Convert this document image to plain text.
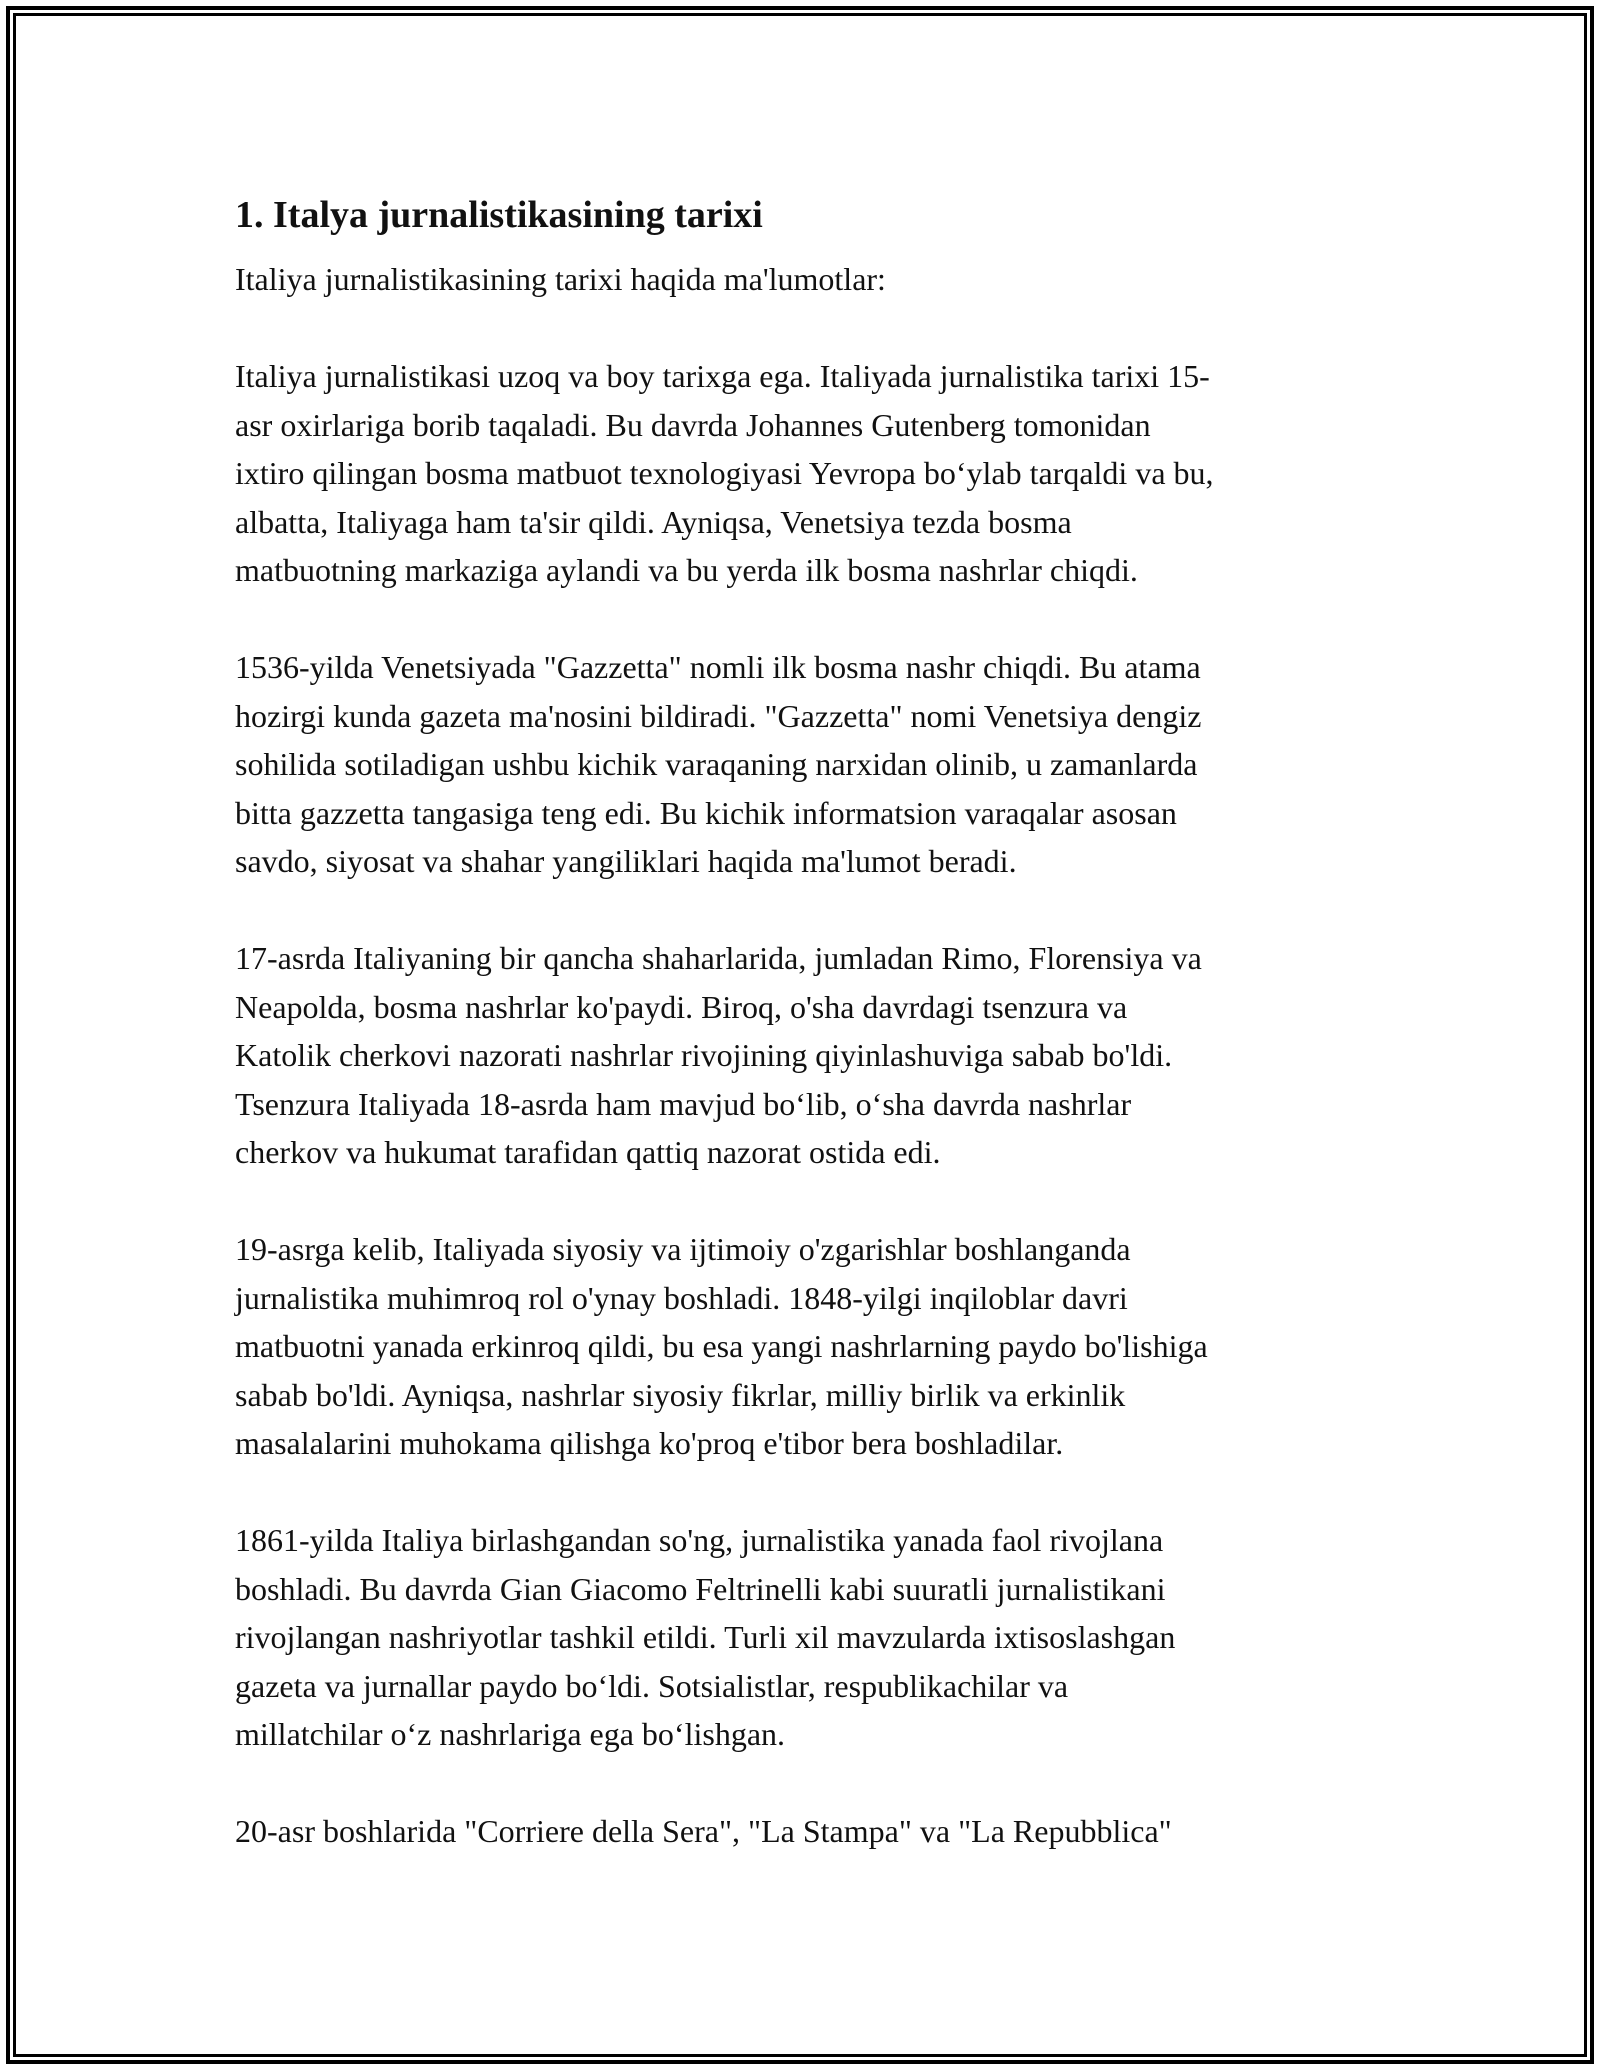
1. Italya jurnalistikasining tarixi

Italiya jurnalistikasining tarixi haqida ma'lumotlar:

Italiya jurnalistikasi uzoq va boy tarixga ega. Italiyada jurnalistika tarixi 15-
asr oxirlariga borib taqaladi. Bu davrda Johannes Gutenberg tomonidan
ixtiro qilingan bosma matbuot texnologiyasi Yevropa bo‘ylab tarqaldi va bu,
albatta, Italiyaga ham ta'sir qildi. Ayniqsa, Venetsiya tezda bosma
matbuotning markaziga aylandi va bu yerda ilk bosma nashrlar chiqdi.

1536-yilda Venetsiyada "Gazzetta" nomli ilk bosma nashr chiqdi. Bu atama
hozirgi kunda gazeta ma'nosini bildiradi. "Gazzetta" nomi Venetsiya dengiz
sohilida sotiladigan ushbu kichik varaqaning narxidan olinib, u zamanlarda
bitta gazzetta tangasiga teng edi. Bu kichik informatsion varaqalar asosan
savdo, siyosat va shahar yangiliklari haqida ma'lumot beradi.

17-asrda Italiyaning bir qancha shaharlarida, jumladan Rimo, Florensiya va
Neapolda, bosma nashrlar ko'paydi. Biroq, o'sha davrdagi tsenzura va
Katolik cherkovi nazorati nashrlar rivojining qiyinlashuviga sabab bo'ldi.
Tsenzura Italiyada 18-asrda ham mavjud bo‘lib, o‘sha davrda nashrlar
cherkov va hukumat tarafidan qattiq nazorat ostida edi.

19-asrga kelib, Italiyada siyosiy va ijtimoiy o'zgarishlar boshlanganda
jurnalistika muhimroq rol o'ynay boshladi. 1848-yilgi inqiloblar davri
matbuotni yanada erkinroq qildi, bu esa yangi nashrlarning paydo bo'lishiga
sabab bo'ldi. Ayniqsa, nashrlar siyosiy fikrlar, milliy birlik va erkinlik
masalalarini muhokama qilishga ko'proq e'tibor bera boshladilar.

1861-yilda Italiya birlashgandan so'ng, jurnalistika yanada faol rivojlana
boshladi. Bu davrda Gian Giacomo Feltrinelli kabi suuratli jurnalistikani
rivojlangan nashriyotlar tashkil etildi. Turli xil mavzularda ixtisoslashgan
gazeta va jurnallar paydo bo‘ldi. Sotsialistlar, respublikachilar va
millatchilar o‘z nashrlariga ega bo‘lishgan.

20-asr boshlarida "Corriere della Sera", "La Stampa" va "La Repubblica"
